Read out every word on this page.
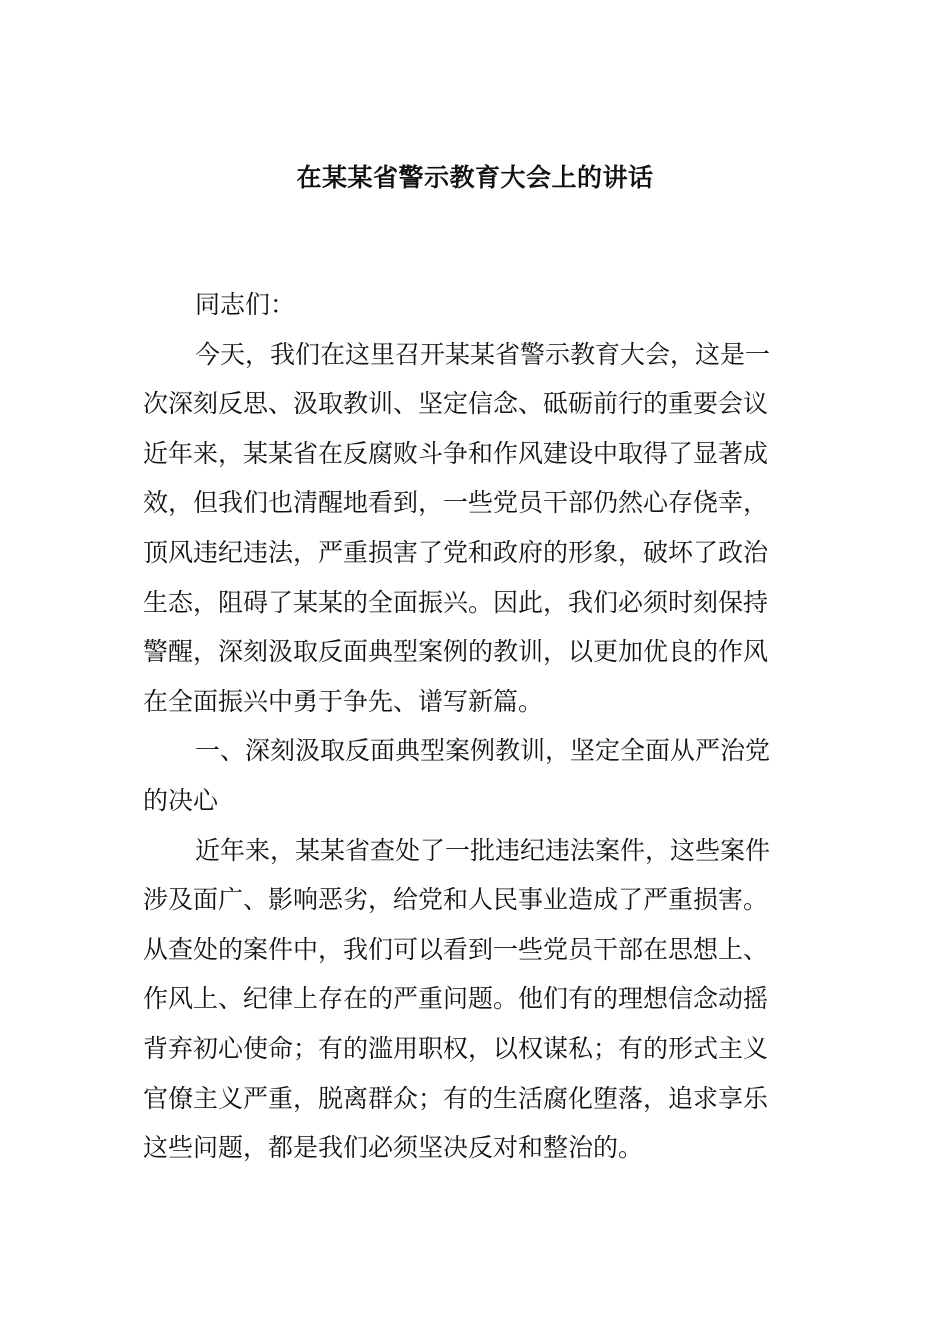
在某某省警示教育大会上的讲话
同志们：
今天，我们在这里召开某某省警示教育大会，这是一
次深刻反思、汲取教训、坚定信念、砥砺前行的重要会议
近年来，某某省在反腐败斗争和作风建设中取得了显著成
效，但我们也清醒地看到，一些党员干部仍然心存侥幸，
顶风违纪违法，严重损害了党和政府的形象，破坏了政治
生态，阻碍了某某的全面振兴。因此，我们必须时刻保持
警醒，深刻汲取反面典型案例的教训，以更加优良的作风
在全面振兴中勇于争先、谱写新篇。
一、深刻汲取反面典型案例教训，坚定全面从严治党
的决心
近年来，某某省查处了一批违纪违法案件，这些案件
涉及面广、影响恶劣，给党和人民事业造成了严重损害。
从查处的案件中，我们可以看到一些党员干部在思想上、
作风上、纪律上存在的严重问题。他们有的理想信念动摇
背弃初心使命；有的滥用职权，以权谋私；有的形式主义
官僚主义严重，脱离群众；有的生活腐化堕落，追求享乐
这些问题，都是我们必须坚决反对和整治的。
